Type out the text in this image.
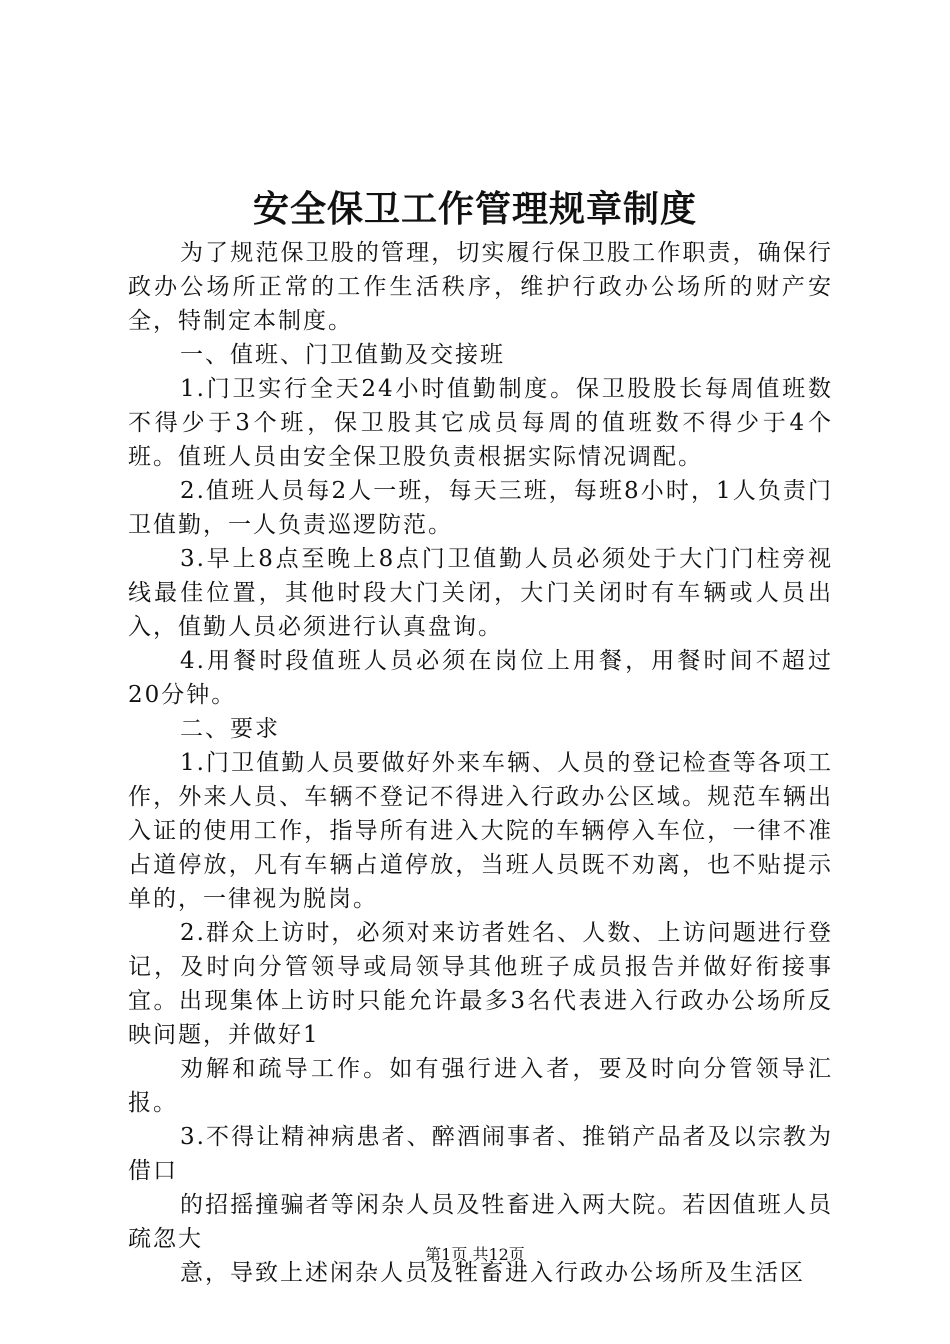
安全保卫工作管理规章制度

为了规范保卫股的管理，切实履行保卫股工作职责，确保行政办公场所正常的工作生活秩序，维护行政办公场所的财产安全，特制定本制度。

一、值班、门卫值勤及交接班

1.门卫实行全天24小时值勤制度。保卫股股长每周值班数不得少于3个班，保卫股其它成员每周的值班数不得少于4个班。值班人员由安全保卫股负责根据实际情况调配。

2.值班人员每2人一班，每天三班，每班8小时，1人负责门卫值勤，一人负责巡逻防范。

3.早上8点至晚上8点门卫值勤人员必须处于大门门柱旁视线最佳位置，其他时段大门关闭，大门关闭时有车辆或人员出入，值勤人员必须进行认真盘询。

4.用餐时段值班人员必须在岗位上用餐，用餐时间不超过20分钟。

二、要求

1.门卫值勤人员要做好外来车辆、人员的登记检查等各项工作，外来人员、车辆不登记不得进入行政办公区域。规范车辆出入证的使用工作，指导所有进入大院的车辆停入车位，一律不准占道停放，凡有车辆占道停放，当班人员既不劝离，也不贴提示单的，一律视为脱岗。

2.群众上访时，必须对来访者姓名、人数、上访问题进行登记，及时向分管领导或局领导其他班子成员报告并做好衔接事宜。出现集体上访时只能允许最多3名代表进入行政办公场所反映问题，并做好1

劝解和疏导工作。如有强行进入者，要及时向分管领导汇报。

3.不得让精神病患者、醉酒闹事者、推销产品者及以宗教为借口

的招摇撞骗者等闲杂人员及牲畜进入两大院。若因值班人员疏忽大

意，导致上述闲杂人员及牲畜进入行政办公场所及生活区

第1页 共12页
